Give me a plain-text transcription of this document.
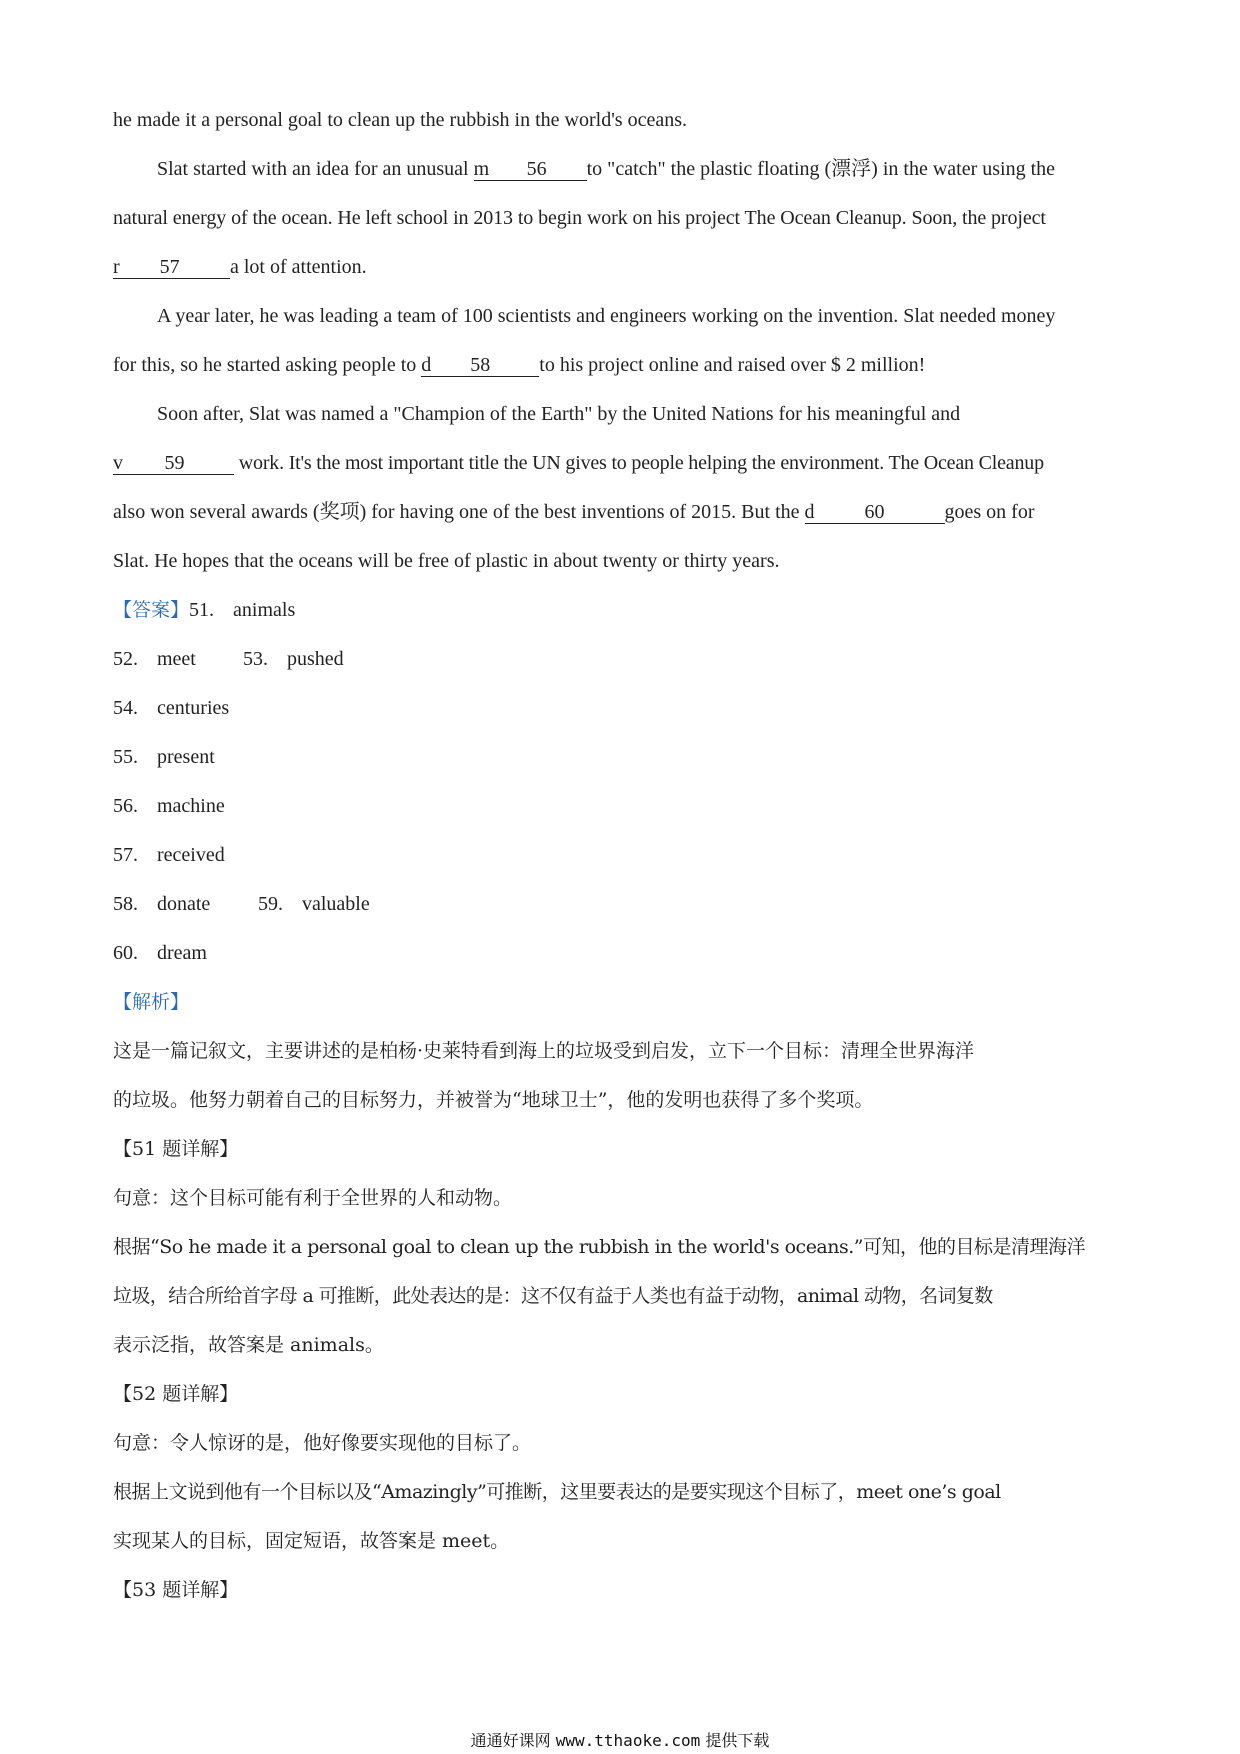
he made it a personal goal to clean up the rubbish in the world's oceans.
Slat started with an idea for an unusual m 56 to "catch" the plastic floating (漂浮) in the water using the
natural energy of the ocean. He left school in 2013 to begin work on his project The Ocean Cleanup. Soon, the project
r 57	a lot of attention.
A year later, he was leading a team of 100 scientists and engineers working on the invention. Slat needed money
for this, so he started asking people to d 58 to his project online and raised over $ 2 million!
Soon after, Slat was named a "Champion of the Earth" by the United Nations for his meaningful and
v 59 work. It's the most important title the UN gives to people helping the environment. The Ocean Cleanup
also won several awards (奖项) for having one of the best inventions of 2015. But the d	60	goes on for
Slat. He hopes that the oceans will be free of plastic in about twenty or thirty years.
【答案】51. animals
52. meet 53. pushed
54. centuries
55. present
56. machine
57. received
58. donate 59. valuable
60. dream
【解析】
这是一篇记叙文，主要讲述的是柏杨·史莱特看到海上的垃圾受到启发，立下一个目标：清理全世界海洋
的垃圾。他努力朝着自己的目标努力，并被誉为“地球卫士”，他的发明也获得了多个奖项。
【51 题详解】
句意：这个目标可能有利于全世界的人和动物。
根据“So he made it a personal goal to clean up the rubbish in the world's oceans.”可知，他的目标是清理海洋
垃圾，结合所给首字母 a 可推断，此处表达的是：这不仅有益于人类也有益于动物，animal 动物，名词复数
表示泛指，故答案是 animals。
【52 题详解】
句意：令人惊讶的是，他好像要实现他的目标了。
根据上文说到他有一个目标以及“Amazingly”可推断，这里要表达的是要实现这个目标了，meet one’s goal
实现某人的目标，固定短语，故答案是 meet。
【53 题详解】
通通好课网 www.tthaoke.com 提供下载
